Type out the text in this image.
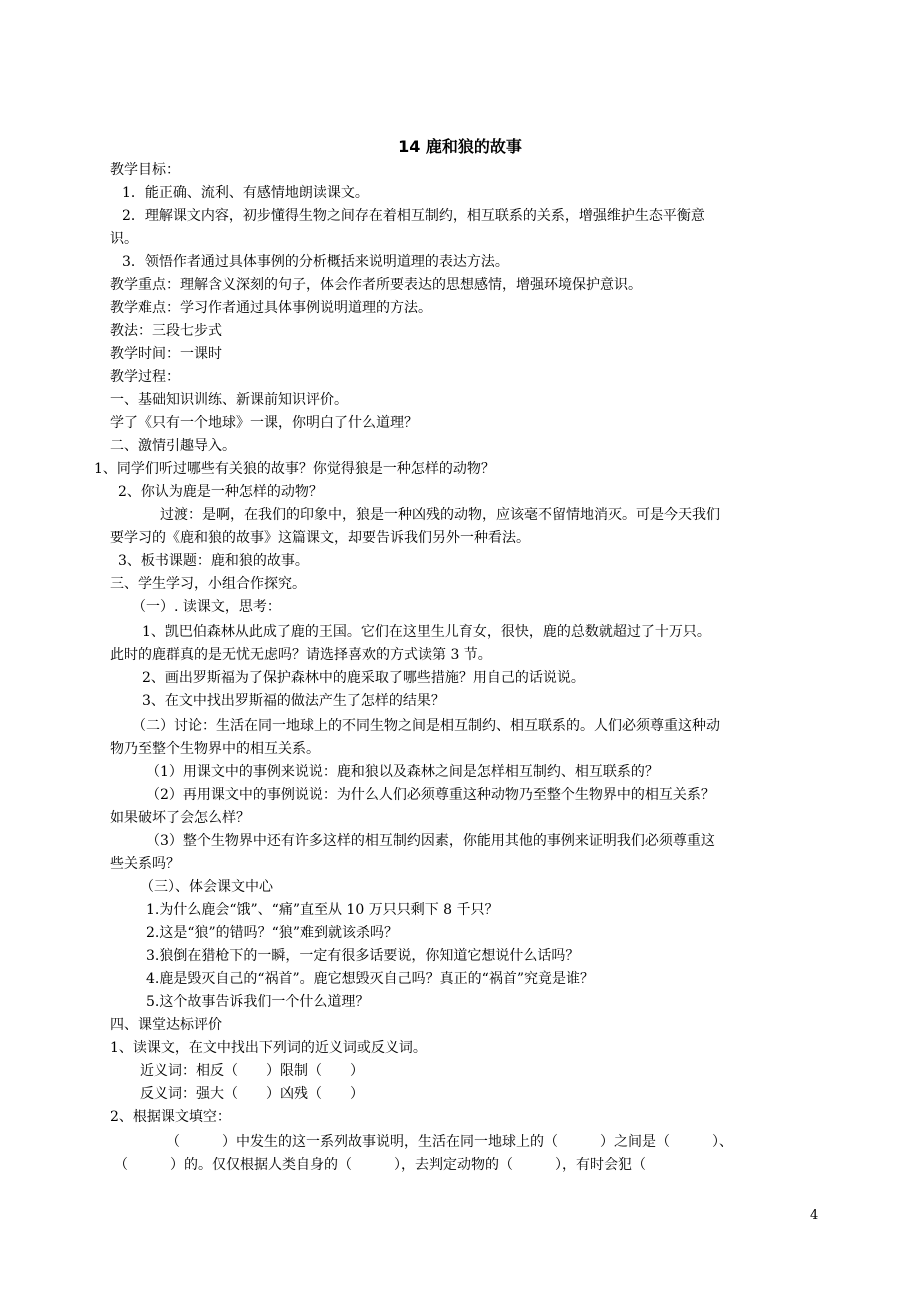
14 鹿和狼的故事
教学目标：
1．能正确、流利、有感情地朗读课文。
2．理解课文内容，初步懂得生物之间存在着相互制约，相互联系的关系，增强维护生态平衡意
识。
3．领悟作者通过具体事例的分析概括来说明道理的表达方法。
教学重点：理解含义深刻的句子，体会作者所要表达的思想感情，增强环境保护意识。
教学难点：学习作者通过具体事例说明道理的方法。
教法：三段七步式
教学时间：一课时
教学过程：
一、基础知识训练、新课前知识评价。
学了《只有一个地球》一课，你明白了什么道理？
二、激情引趣导入。
1、同学们听过哪些有关狼的故事？你觉得狼是一种怎样的动物？
2、你认为鹿是一种怎样的动物？
过渡：是啊，在我们的印象中，狼是一种凶残的动物，应该毫不留情地消灭。可是今天我们
要学习的《鹿和狼的故事》这篇课文，却要告诉我们另外一种看法。
3、板书课题：鹿和狼的故事。
三、学生学习，小组合作探究。
（一）. 读课文，思考：
1、凯巴伯森林从此成了鹿的王国。它们在这里生儿育女，很快，鹿的总数就超过了十万只。
此时的鹿群真的是无忧无虑吗？请选择喜欢的方式读第 3 节。
2、画出罗斯福为了保护森林中的鹿采取了哪些措施？用自己的话说说。
3、在文中找出罗斯福的做法产生了怎样的结果？
（二）讨论：生活在同一地球上的不同生物之间是相互制约、相互联系的。人们必须尊重这种动
物乃至整个生物界中的相互关系。
（1）用课文中的事例来说说：鹿和狼以及森林之间是怎样相互制约、相互联系的？
（2）再用课文中的事例说说：为什么人们必须尊重这种动物乃至整个生物界中的相互关系？
如果破坏了会怎么样？
（3）整个生物界中还有许多这样的相互制约因素，你能用其他的事例来证明我们必须尊重这
些关系吗？
（三）、体会课文中心
1.为什么鹿会“饿”、“痛”直至从 10 万只只剩下 8 千只？
2.这是“狼”的错吗？“狼”难到就该杀吗？
3.狼倒在猎枪下的一瞬，一定有很多话要说，你知道它想说什么话吗？
4.鹿是毁灭自己的“祸首”。鹿它想毁灭自己吗？真正的“祸首”究竟是谁？
5.这个故事告诉我们一个什么道理？
四、课堂达标评价
1、读课文，在文中找出下列词的近义词或反义词。
近义词：相反（　　）限制（　　）
反义词：强大（　　）凶残（　　）
2、根据课文填空：
（　　　）中发生的这一系列故事说明，生活在同一地球上的（　　　）之间是（　　　）、
（　　　）的。仅仅根据人类自身的（　　　），去判定动物的（　　　），有时会犯（
4
